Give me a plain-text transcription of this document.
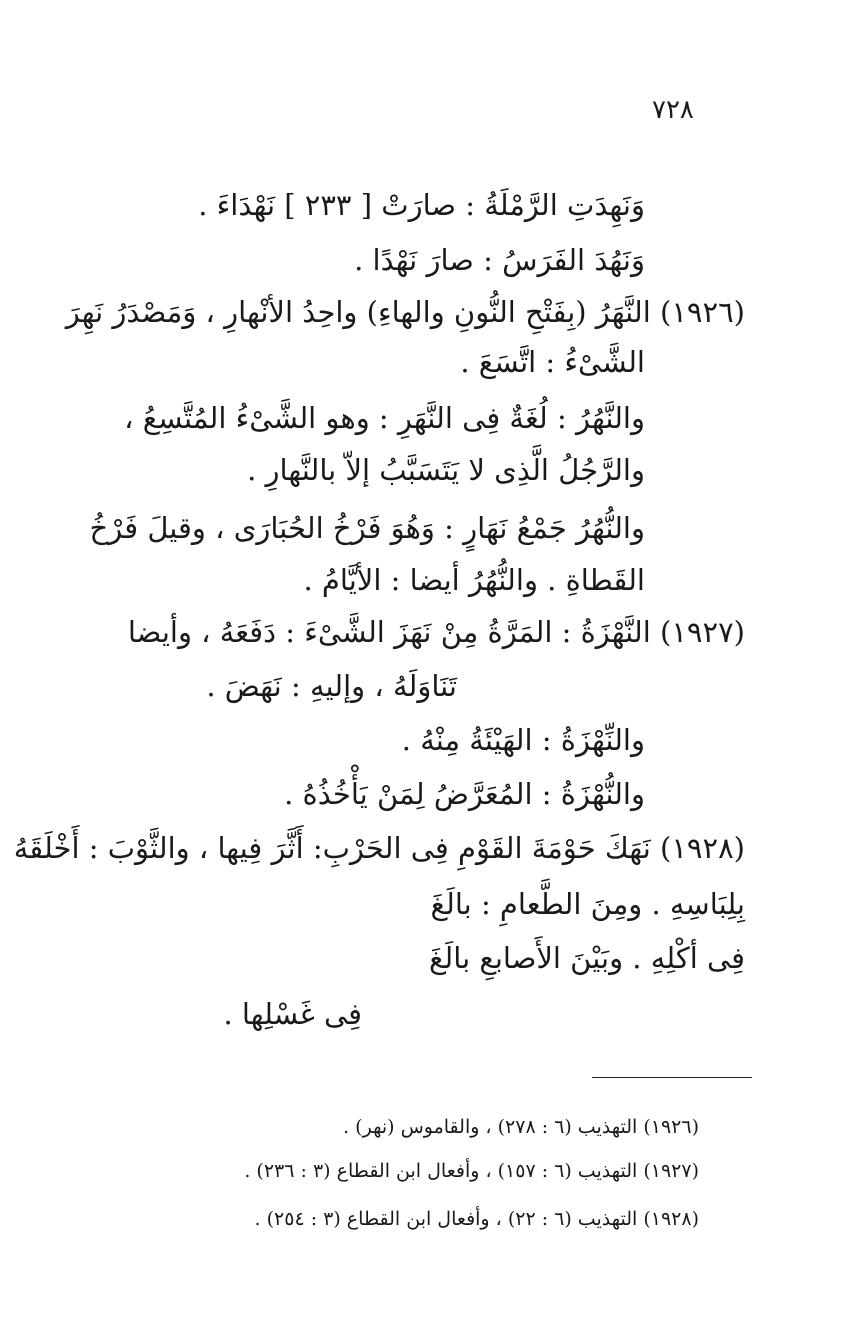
٧٢٨
وَنَهِدَتِ الرَّمْلَةُ : صارَتْ [ ٢٣٣ ] نَهْدَاءَ .
وَنَهُدَ الفَرَسُ : صارَ نَهْدًا .
(١٩٢٦) النَّهَرُ (بِفَتْحِ النُّونِ والهاءِ) واحِدُ الأنْهارِ ، وَمَصْدَرُ نَهِرَ
الشَّىْءُ : اتَّسَعَ .
والنَّهُرُ : لُغَةٌ فِى النَّهَرِ : وهو الشَّىْءُ المُتَّسِعُ ،
والرَّجُلُ الَّذِى لا يَتَسَبَّبُ إلاّ بالنَّهارِ .
والنُّهُرُ جَمْعُ نَهَارٍ : وَهُوَ فَرْخُ الحُبَارَى ، وقيلَ فَرْخُ
القَطاةِ . والنُّهُرُ أيضا : الأيَّامُ .
(١٩٢٧) النَّهْزَةُ : المَرَّةُ مِنْ نَهَزَ الشَّىْءَ : دَفَعَهُ ، وأيضا
تَنَاوَلَهُ ، وإليهِ : نَهَضَ .
والنِّهْزَةُ : الهَيْئَةُ مِنْهُ .
والنُّهْزَةُ : المُعَرَّضُ لِمَنْ يَأْخُذُهُ .
(١٩٢٨) نَهَكَ حَوْمَةَ القَوْمِ فِى الحَرْبِ: أَثَّرَ فِيها ، والثَّوْبَ : أَخْلَقَهُ
بِلِبَاسِهِ . ومِنَ الطَّعامِ : بالَغَ
فِى أكْلِهِ . وبَيْنَ الأَصابعِ بالَغَ
فِى غَسْلِها .
(١٩٢٦) التهذيب (٦ : ٢٧٨) ، والقاموس (نهر) .
(١٩٢٧) التهذيب (٦ : ١٥٧) ، وأفعال ابن القطاع (٣ : ٢٣٦) .
(١٩٢٨) التهذيب (٦ : ٢٢) ، وأفعال ابن القطاع (٣ : ٢٥٤) .
